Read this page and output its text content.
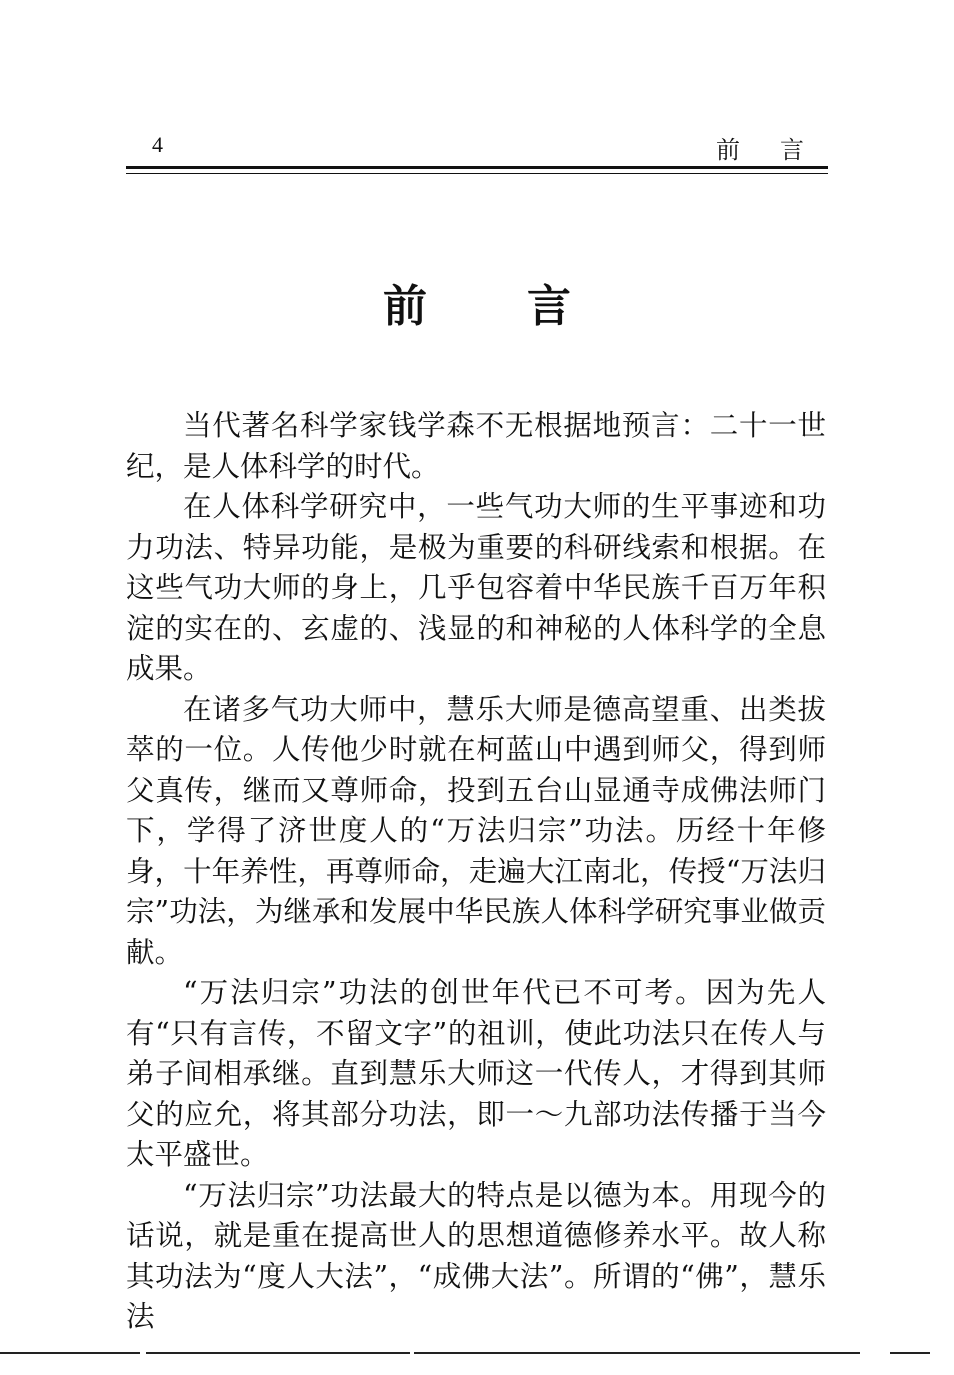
4	前言
前言

当代著名科学家钱学森不无根据地预言：二十一世纪，是人体科学的时代。

在人体科学研究中，一些气功大师的生平事迹和功力功法、特异功能，是极为重要的科研线索和根据。在这些气功大师的身上，几乎包容着中华民族千百万年积淀的实在的、玄虚的、浅显的和神秘的人体科学的全息成果。

在诸多气功大师中，慧乐大师是德高望重、出类拔萃的一位。人传他少时就在柯蓝山中遇到师父，得到师父真传，继而又尊师命，投到五台山显通寺成佛法师门下，学得了济世度人的“万法归宗”功法。历经十年修身，十年养性，再尊师命，走遍大江南北，传授“万法归宗”功法，为继承和发展中华民族人体科学研究事业做贡献。

“万法归宗”功法的创世年代已不可考。因为先人有“只有言传，不留文字”的祖训，使此功法只在传人与弟子间相承继。直到慧乐大师这一代传人，才得到其师父的应允，将其部分功法，即一～九部功法传播于当今太平盛世。

“万法归宗”功法最大的特点是以德为本。用现今的话说，就是重在提高世人的思想道德修养水平。故人称其功法为“度人大法”，“成佛大法”。所谓的“佛”，慧乐法
